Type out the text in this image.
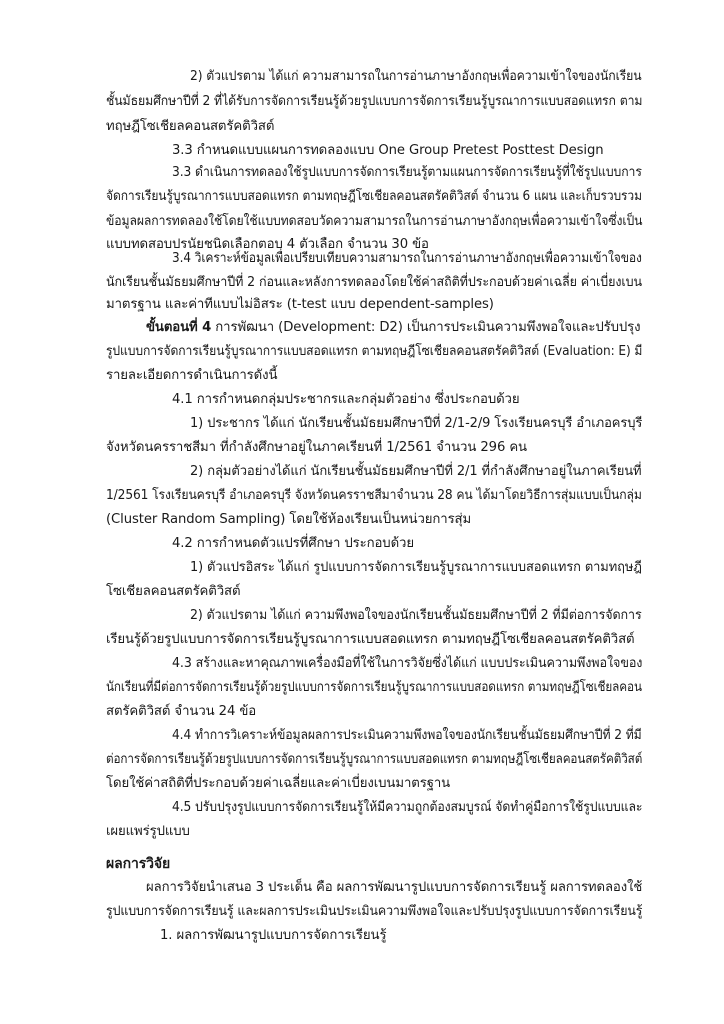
2) ตัวแปรตาม ได้แก่ ความสามารถในการอ่านภาษาอังกฤษเพื่อความเข้าใจของนักเรียน
ชั้นมัธยมศึกษาปีที่ 2 ที่ได้รับการจัดการเรียนรู้ด้วยรูปแบบการจัดการเรียนรู้บูรณาการแบบสอดแทรก ตาม
ทฤษฎีโซเชียลคอนสตรัคติวิสต์
3.3 กำหนดแบบแผนการทดลองแบบ One Group Pretest Posttest Design
3.3 ดำเนินการทดลองใช้รูปแบบการจัดการเรียนรู้ตามแผนการจัดการเรียนรู้ที่ใช้รูปแบบการ
จัดการเรียนรู้บูรณาการแบบสอดแทรก ตามทฤษฎีโซเชียลคอนสตรัคติวิสต์ จำนวน 6 แผน และเก็บรวบรวม
ข้อมูลผลการทดลองใช้โดยใช้แบบทดสอบวัดความสามารถในการอ่านภาษาอังกฤษเพื่อความเข้าใจซึ่งเป็น
แบบทดสอบปรนัยชนิดเลือกตอบ 4 ตัวเลือก จำนวน 30 ข้อ
3.4 วิเคราะห์ข้อมูลเพื่อเปรียบเทียบความสามารถในการอ่านภาษาอังกฤษเพื่อความเข้าใจของ
นักเรียนชั้นมัธยมศึกษาปีที่ 2 ก่อนและหลังการทดลองโดยใช้ค่าสถิติที่ประกอบด้วยค่าเฉลี่ย ค่าเบี่ยงเบน
มาตรฐาน และค่าทีแบบไม่อิสระ (t-test แบบ dependent-samples)
ขั้นตอนที่ 4 การพัฒนา (Development: D2) เป็นการประเมินความพึงพอใจและปรับปรุง
รูปแบบการจัดการเรียนรู้บูรณาการแบบสอดแทรก ตามทฤษฎีโซเชียลคอนสตรัคติวิสต์ (Evaluation: E) มี
รายละเอียดการดำเนินการดังนี้
4.1 การกำหนดกลุ่มประชากรและกลุ่มตัวอย่าง ซึ่งประกอบด้วย
1) ประชากร ได้แก่ นักเรียนชั้นมัธยมศึกษาปีที่ 2/1-2/9 โรงเรียนครบุรี อำเภอครบุรี
จังหวัดนครราชสีมา ที่กำลังศึกษาอยู่ในภาคเรียนที่ 1/2561 จำนวน 296 คน
2) กลุ่มตัวอย่างได้แก่ นักเรียนชั้นมัธยมศึกษาปีที่ 2/1 ที่กำลังศึกษาอยู่ในภาคเรียนที่
1/2561 โรงเรียนครบุรี อำเภอครบุรี จังหวัดนครราชสีมาจำนวน 28 คน ได้มาโดยวิธีการสุ่มแบบเป็นกลุ่ม
(Cluster Random Sampling) โดยใช้ห้องเรียนเป็นหน่วยการสุ่ม
4.2 การกำหนดตัวแปรที่ศึกษา ประกอบด้วย
1) ตัวแปรอิสระ ได้แก่ รูปแบบการจัดการเรียนรู้บูรณาการแบบสอดแทรก ตามทฤษฎี
โซเชียลคอนสตรัคติวิสต์
2) ตัวแปรตาม ได้แก่ ความพึงพอใจของนักเรียนชั้นมัธยมศึกษาปีที่ 2 ที่มีต่อการจัดการ
เรียนรู้ด้วยรูปแบบการจัดการเรียนรู้บูรณาการแบบสอดแทรก ตามทฤษฎีโซเชียลคอนสตรัคติวิสต์
4.3 สร้างและหาคุณภาพเครื่องมือที่ใช้ในการวิจัยซึ่งได้แก่ แบบประเมินความพึงพอใจของ
นักเรียนที่มีต่อการจัดการเรียนรู้ด้วยรูปแบบการจัดการเรียนรู้บูรณาการแบบสอดแทรก ตามทฤษฎีโซเชียลคอน
สตรัคติวิสต์ จำนวน 24 ข้อ
4.4 ทำการวิเคราะห์ข้อมูลผลการประเมินความพึงพอใจของนักเรียนชั้นมัธยมศึกษาปีที่ 2 ที่มี
ต่อการจัดการเรียนรู้ด้วยรูปแบบการจัดการเรียนรู้บูรณาการแบบสอดแทรก ตามทฤษฎีโซเชียลคอนสตรัคติวิสต์
โดยใช้ค่าสถิติที่ประกอบด้วยค่าเฉลี่ยและค่าเบี่ยงเบนมาตรฐาน
4.5 ปรับปรุงรูปแบบการจัดการเรียนรู้ให้มีความถูกต้องสมบูรณ์ จัดทำคู่มือการใช้รูปแบบและ
เผยแพร่รูปแบบ
ผลการวิจัย
ผลการวิจัยนำเสนอ 3 ประเด็น คือ ผลการพัฒนารูปแบบการจัดการเรียนรู้ ผลการทดลองใช้
รูปแบบการจัดการเรียนรู้ และผลการประเมินประเมินความพึงพอใจและปรับปรุงรูปแบบการจัดการเรียนรู้
1. ผลการพัฒนารูปแบบการจัดการเรียนรู้
